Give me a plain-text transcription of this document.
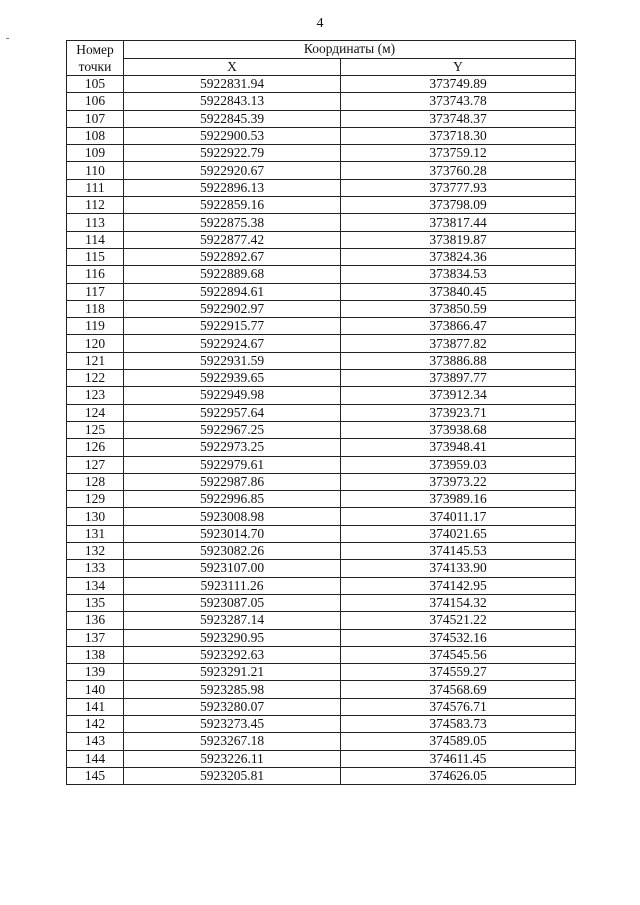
4
Номер
точки	Координаты (м)	
	X	Y
105	5922831.94	373749.89
106	5922843.13	373743.78
107	5922845.39	373748.37
108	5922900.53	373718.30
109	5922922.79	373759.12
110	5922920.67	373760.28
111	5922896.13	373777.93
112	5922859.16	373798.09
113	5922875.38	373817.44
114	5922877.42	373819.87
115	5922892.67	373824.36
116	5922889.68	373834.53
117	5922894.61	373840.45
118	5922902.97	373850.59
119	5922915.77	373866.47
120	5922924.67	373877.82
121	5922931.59	373886.88
122	5922939.65	373897.77
123	5922949.98	373912.34
124	5922957.64	373923.71
125	5922967.25	373938.68
126	5922973.25	373948.41
127	5922979.61	373959.03
128	5922987.86	373973.22
129	5922996.85	373989.16
130	5923008.98	374011.17
131	5923014.70	374021.65
132	5923082.26	374145.53
133	5923107.00	374133.90
134	5923111.26	374142.95
135	5923087.05	374154.32
136	5923287.14	374521.22
137	5923290.95	374532.16
138	5923292.63	374545.56
139	5923291.21	374559.27
140	5923285.98	374568.69
141	5923280.07	374576.71
142	5923273.45	374583.73
143	5923267.18	374589.05
144	5923226.11	374611.45
145	5923205.81	374626.05
